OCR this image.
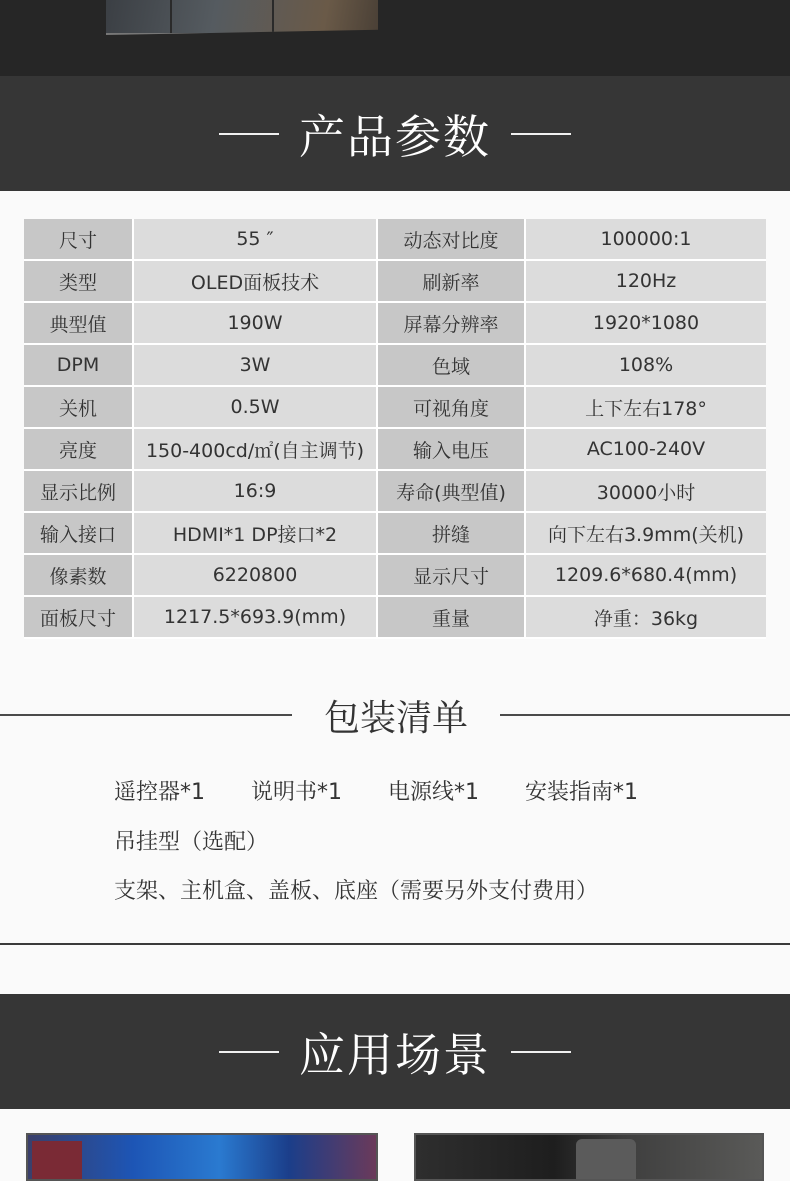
产品参数
尺寸	55 ″	动态对比度	100000:1
类型	OLED面板技术	刷新率	120Hz
典型值	190W	屏幕分辨率	1920*1080
DPM	3W	色域	108%
关机	0.5W	可视角度	上下左右178°
亮度	150-400cd/㎡(自主调节)	输入电压	AC100-240V
显示比例	16:9	寿命(典型值)	30000小时
输入接口	HDMI*1 DP接口*2	拼缝	向下左右3.9mm(关机)
像素数	6220800	显示尺寸	1209.6*680.4(mm)
面板尺寸	1217.5*693.9(mm)	重量	净重：36kg
包装清单
遥控器*1 说明书*1 电源线*1 安装指南*1
吊挂型（选配）
支架、主机盒、盖板、底座（需要另外支付费用）
应用场景
